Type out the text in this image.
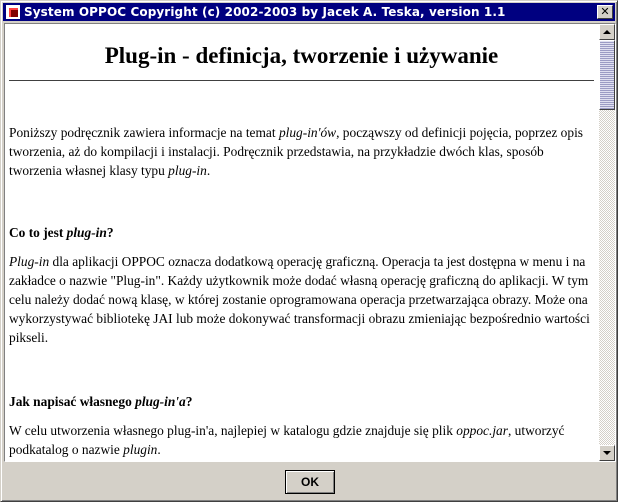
System OPPOC Copyright (c) 2002-2003 by Jacek A. Teska, version 1.1	✕
Plug-in - definicja, tworzenie i używanie

Poniższy podręcznik zawiera informacje na temat plug-in'ów, począwszy od definicji pojęcia, poprzez opis tworzenia, aż do kompilacji i instalacji. Podręcznik przedstawia, na przykładzie dwóch klas, sposób tworzenia własnej klasy typu plug-in.

Co to jest plug-in?

Plug-in dla aplikacji OPPOC oznacza dodatkową operację graficzną. Operacja ta jest dostępna w menu i na zakładce o nazwie "Plug-in". Każdy użytkownik może dodać własną operację graficzną do aplikacji. W tym celu należy dodać nową klasę, w której zostanie oprogramowana operacja przetwarzająca obrazy. Może ona wykorzystywać bibliotekę JAI lub może dokonywać transformacji obrazu zmieniając bezpośrednio wartości pikseli.

Jak napisać własnego plug-in'a?

W celu utworzenia własnego plug-in'a, najlepiej w katalogu gdzie znajduje się plik oppoc.jar, utworzyć podkatalog o nazwie plugin.

OK
